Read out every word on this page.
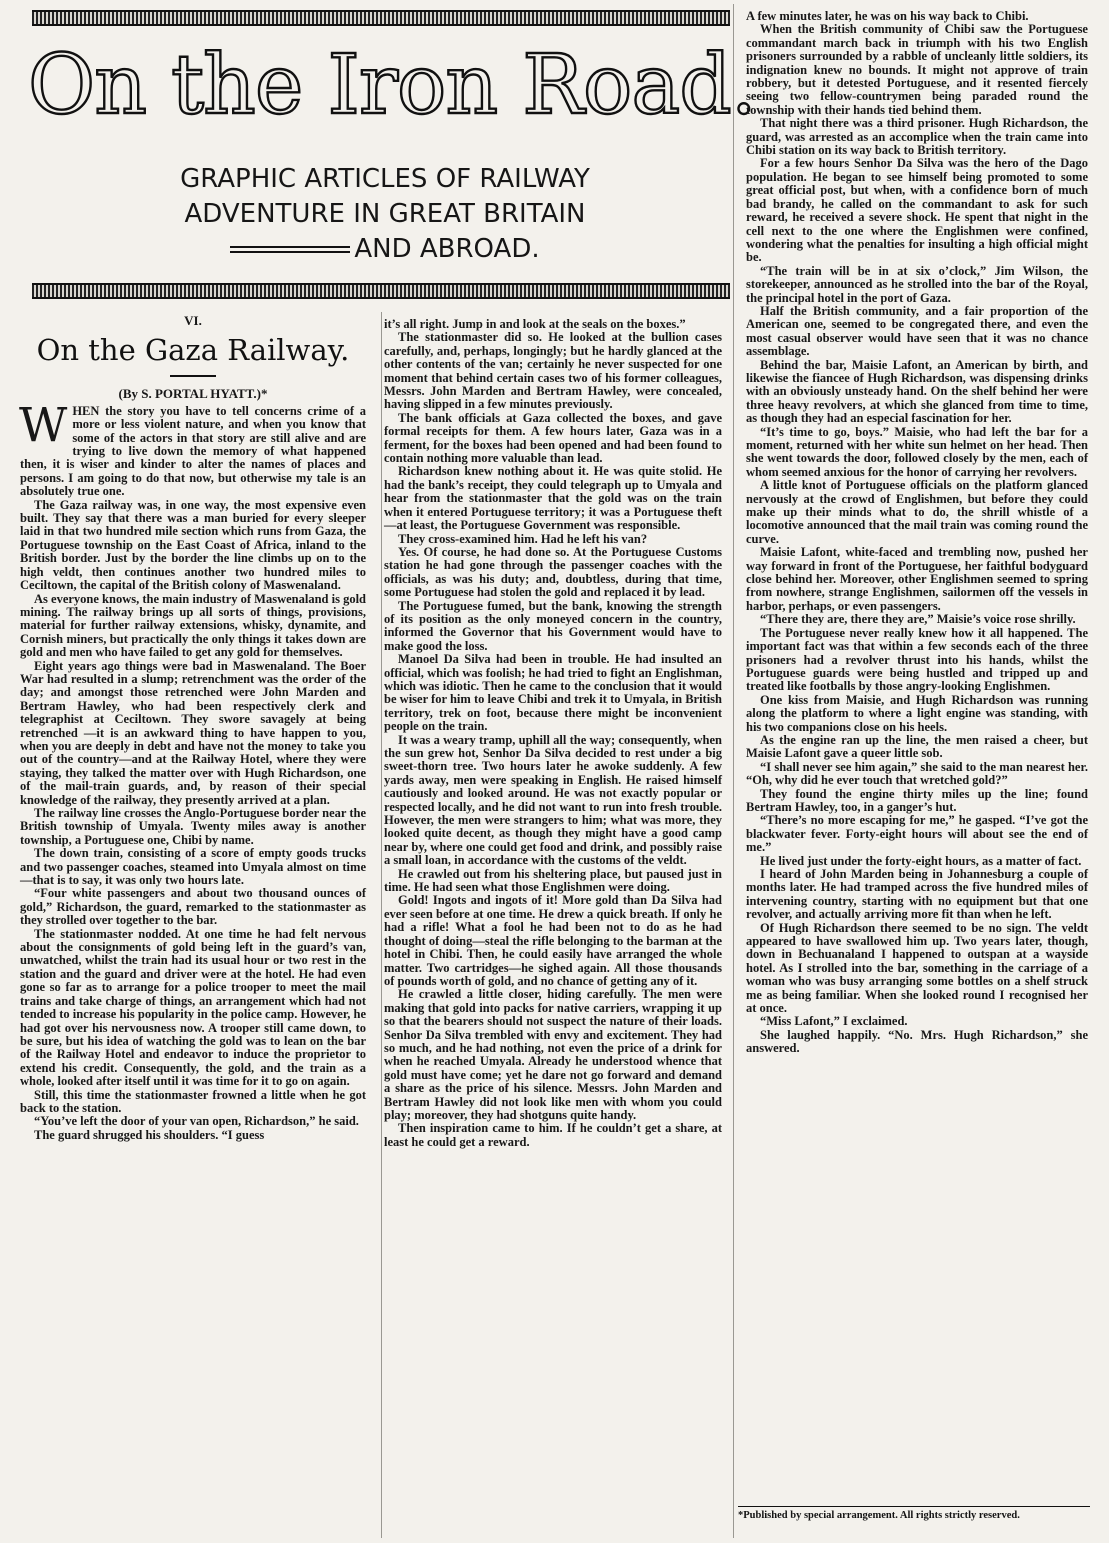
On the Iron Road.
GRAPHIC ARTICLES OF RAILWAY
ADVENTURE IN GREAT BRITAIN
AND ABROAD.
VI.
On the Gaza Railway.
(By S. PORTAL HYATT.)*

WHEN the story you have to tell concerns crime of a more or less violent nature, and when you know that some of the actors in that story are still alive and are trying to live down the memory of what happened then, it is wiser and kinder to alter the names of places and persons. I am going to do that now, but otherwise my tale is an absolutely true one.

The Gaza railway was, in one way, the most expensive even built. They say that there was a man buried for every sleeper laid in that two hundred mile section which runs from Gaza, the Portuguese township on the East Coast of Africa, inland to the British border. Just by the border the line climbs up on to the high veldt, then continues another two hundred miles to Ceciltown, the capital of the British colony of Maswenaland.

As everyone knows, the main industry of Maswenaland is gold mining. The railway brings up all sorts of things, provisions, material for further railway extensions, whisky, dynamite, and Cornish miners, but practically the only things it takes down are gold and men who have failed to get any gold for themselves.

Eight years ago things were bad in Maswenaland. The Boer War had resulted in a slump; retrenchment was the order of the day; and amongst those retrenched were John Marden and Bertram Hawley, who had been respectively clerk and telegraphist at Ceciltown. They swore savagely at being retrenched —it is an awkward thing to have happen to you, when you are deeply in debt and have not the money to take you out of the country—and at the Railway Hotel, where they were staying, they talked the matter over with Hugh Richardson, one of the mail-train guards, and, by reason of their special knowledge of the railway, they presently arrived at a plan.

The railway line crosses the Anglo-Portuguese border near the British township of Umyala. Twenty miles away is another township, a Portuguese one, Chibi by name.

The down train, consisting of a score of empty goods trucks and two passenger coaches, steamed into Umyala almost on time—that is to say, it was only two hours late.

“Four white passengers and about two thousand ounces of gold,” Richardson, the guard, remarked to the stationmaster as they strolled over together to the bar.

The stationmaster nodded. At one time he had felt nervous about the consignments of gold being left in the guard’s van, unwatched, whilst the train had its usual hour or two rest in the station and the guard and driver were at the hotel. He had even gone so far as to arrange for a police trooper to meet the mail trains and take charge of things, an arrangement which had not tended to increase his popularity in the police camp. However, he had got over his nervousness now. A trooper still came down, to be sure, but his idea of watching the gold was to lean on the bar of the Railway Hotel and endeavor to induce the proprietor to extend his credit. Consequently, the gold, and the train as a whole, looked after itself until it was time for it to go on again.

Still, this time the stationmaster frowned a little when he got back to the station.

“You’ve left the door of your van open, Richardson,” he said.

The guard shrugged his shoulders. “I guess

it’s all right. Jump in and look at the seals on the boxes.”

The stationmaster did so. He looked at the bullion cases carefully, and, perhaps, longingly; but he hardly glanced at the other contents of the van; certainly he never suspected for one moment that behind certain cases two of his former colleagues, Messrs. John Marden and Bertram Hawley, were concealed, having slipped in a few minutes previously.

The bank officials at Gaza collected the boxes, and gave formal receipts for them. A few hours later, Gaza was in a ferment, for the boxes had been opened and had been found to contain nothing more valuable than lead.

Richardson knew nothing about it. He was quite stolid. He had the bank’s receipt, they could telegraph up to Umyala and hear from the stationmaster that the gold was on the train when it entered Portuguese territory; it was a Portuguese theft—at least, the Portuguese Government was responsible.

They cross-examined him. Had he left his van?

Yes. Of course, he had done so. At the Portuguese Customs station he had gone through the passenger coaches with the officials, as was his duty; and, doubtless, during that time, some Portuguese had stolen the gold and replaced it by lead.

The Portuguese fumed, but the bank, knowing the strength of its position as the only moneyed concern in the country, informed the Governor that his Government would have to make good the loss.

Manoel Da Silva had been in trouble. He had insulted an official, which was foolish; he had tried to fight an Englishman, which was idiotic. Then he came to the conclusion that it would be wiser for him to leave Chibi and trek it to Umyala, in British territory, trek on foot, because there might be inconvenient people on the train.

It was a weary tramp, uphill all the way; consequently, when the sun grew hot, Senhor Da Silva decided to rest under a big sweet-thorn tree. Two hours later he awoke suddenly. A few yards away, men were speaking in English. He raised himself cautiously and looked around. He was not exactly popular or respected locally, and he did not want to run into fresh trouble. However, the men were strangers to him; what was more, they looked quite decent, as though they might have a good camp near by, where one could get food and drink, and possibly raise a small loan, in accordance with the customs of the veldt.

He crawled out from his sheltering place, but paused just in time. He had seen what those Englishmen were doing.

Gold! Ingots and ingots of it! More gold than Da Silva had ever seen before at one time. He drew a quick breath. If only he had a rifle! What a fool he had been not to do as he had thought of doing—steal the rifle belonging to the barman at the hotel in Chibi. Then, he could easily have arranged the whole matter. Two cartridges—he sighed again. All those thousands of pounds worth of gold, and no chance of getting any of it.

He crawled a little closer, hiding carefully. The men were making that gold into packs for native carriers, wrapping it up so that the bearers should not suspect the nature of their loads. Senhor Da Silva trembled with envy and excitement. They had so much, and he had nothing, not even the price of a drink for when he reached Umyala. Already he understood whence that gold must have come; yet he dare not go forward and demand a share as the price of his silence. Messrs. John Marden and Bertram Hawley did not look like men with whom you could play; moreover, they had shotguns quite handy.

Then inspiration came to him. If he couldn’t get a share, at least he could get a reward.

A few minutes later, he was on his way back to Chibi.

When the British community of Chibi saw the Portuguese commandant march back in triumph with his two English prisoners surrounded by a rabble of uncleanly little soldiers, its indignation knew no bounds. It might not approve of train robbery, but it detested Portuguese, and it resented fiercely seeing two fellow-countrymen being paraded round the township with their hands tied behind them.

That night there was a third prisoner. Hugh Richardson, the guard, was arrested as an accomplice when the train came into Chibi station on its way back to British territory.

For a few hours Senhor Da Silva was the hero of the Dago population. He began to see himself being promoted to some great official post, but when, with a confidence born of much bad brandy, he called on the commandant to ask for such reward, he received a severe shock. He spent that night in the cell next to the one where the Englishmen were confined, wondering what the penalties for insulting a high official might be.

“The train will be in at six o’clock,” Jim Wilson, the storekeeper, announced as he strolled into the bar of the Royal, the principal hotel in the port of Gaza.

Half the British community, and a fair proportion of the American one, seemed to be congregated there, and even the most casual observer would have seen that it was no chance assemblage.

Behind the bar, Maisie Lafont, an American by birth, and likewise the fiancee of Hugh Richardson, was dispensing drinks with an obviously unsteady hand. On the shelf behind her were three heavy revolvers, at which she glanced from time to time, as though they had an especial fascination for her.

“It’s time to go, boys.” Maisie, who had left the bar for a moment, returned with her white sun helmet on her head. Then she went towards the door, followed closely by the men, each of whom seemed anxious for the honor of carrying her revolvers.

A little knot of Portuguese officials on the platform glanced nervously at the crowd of Englishmen, but before they could make up their minds what to do, the shrill whistle of a locomotive announced that the mail train was coming round the curve.

Maisie Lafont, white-faced and trembling now, pushed her way forward in front of the Portuguese, her faithful bodyguard close behind her. Moreover, other Englishmen seemed to spring from nowhere, strange Englishmen, sailormen off the vessels in harbor, perhaps, or even passengers.

“There they are, there they are,” Maisie’s voice rose shrilly.

The Portuguese never really knew how it all happened. The important fact was that within a few seconds each of the three prisoners had a revolver thrust into his hands, whilst the Portuguese guards were being hustled and tripped up and treated like footballs by those angry-looking Englishmen.

One kiss from Maisie, and Hugh Richardson was running along the platform to where a light engine was standing, with his two companions close on his heels.

As the engine ran up the line, the men raised a cheer, but Maisie Lafont gave a queer little sob.

“I shall never see him again,” she said to the man nearest her. “Oh, why did he ever touch that wretched gold?”

They found the engine thirty miles up the line; found Bertram Hawley, too, in a ganger’s hut.

“There’s no more escaping for me,” he gasped. “I’ve got the blackwater fever. Forty-eight hours will about see the end of me.”

He lived just under the forty-eight hours, as a matter of fact.

I heard of John Marden being in Johannesburg a couple of months later. He had tramped across the five hundred miles of intervening country, starting with no equipment but that one revolver, and actually arriving more fit than when he left.

Of Hugh Richardson there seemed to be no sign. The veldt appeared to have swallowed him up. Two years later, though, down in Bechuanaland I happened to outspan at a wayside hotel. As I strolled into the bar, something in the carriage of a woman who was busy arranging some bottles on a shelf struck me as being familiar. When she looked round I recognised her at once.

“Miss Lafont,” I exclaimed.

She laughed happily. “No. Mrs. Hugh Richardson,” she answered.

*Published by special arrangement. All rights strictly reserved.
